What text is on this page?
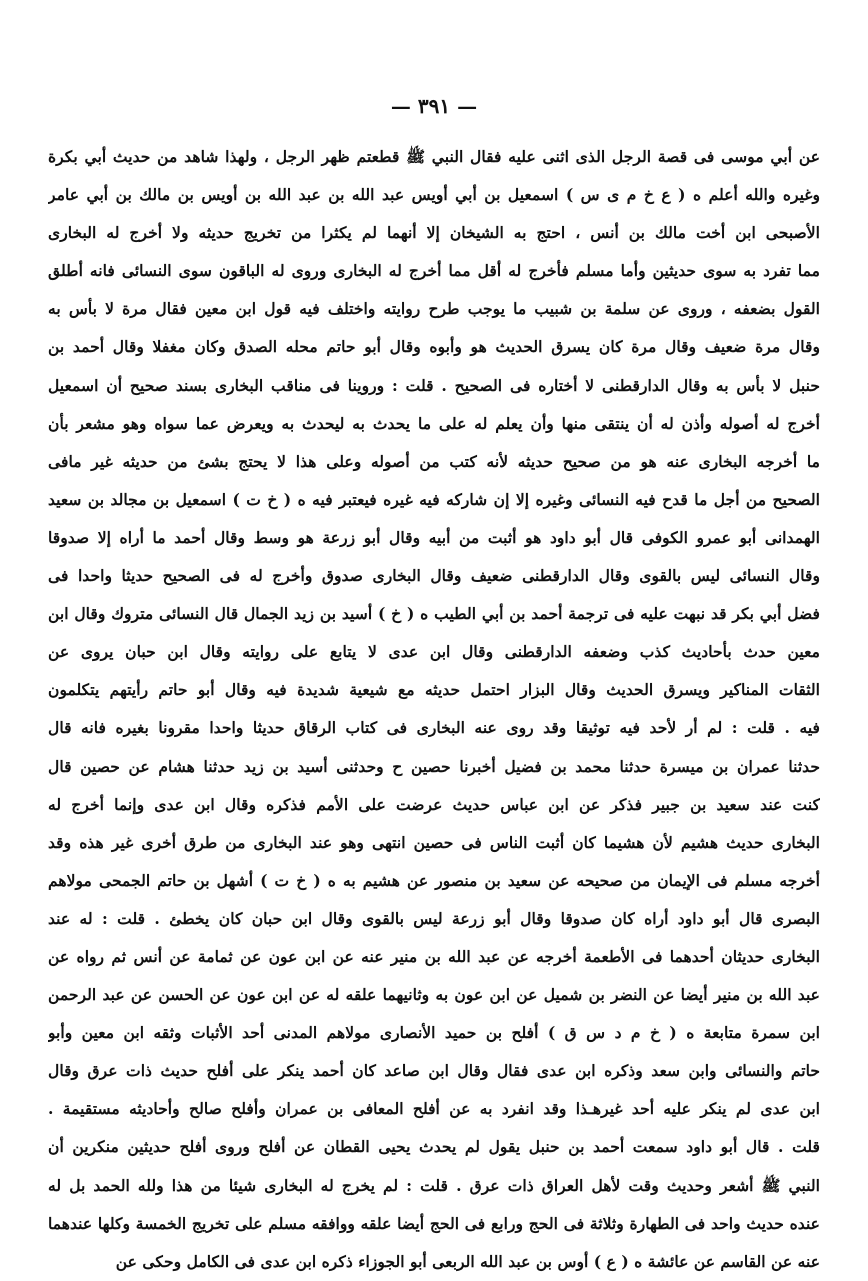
— ٣٩١ —
عن أبي موسى فى قصة الرجل الذى اثنى عليه فقال النبي ﷺ قطعتم ظهر الرجل ، ولهذا شاهد من حديث أبي بكرة
وغيره والله أعلم ه ( ع خ م ى س ) اسمعيل بن أبي أويس عبد الله بن عبد الله بن أويس بن مالك بن أبي عامر
الأصبحى ابن أخت مالك بن أنس ، احتج به الشيخان إلا أنهما لم يكثرا من تخريج حديثه ولا أخرج له البخارى
مما تفرد به سوى حديثين وأما مسلم فأخرج له أقل مما أخرج له البخارى وروى له الباقون سوى النسائى فانه أطلق
القول بضعفه ، وروى عن سلمة بن شبيب ما يوجب طرح روايته واختلف فيه قول ابن معين فقال مرة لا بأس به
وقال مرة ضعيف وقال مرة كان يسرق الحديث هو وأبوه وقال أبو حاتم محله الصدق وكان مغفلا وقال أحمد بن
حنبل لا بأس به وقال الدارقطنى لا أختاره فى الصحيح . قلت : وروينا فى مناقب البخارى بسند صحيح أن اسمعيل
أخرج له أصوله وأذن له أن ينتقى منها وأن يعلم له على ما يحدث به ليحدث به ويعرض عما سواه وهو مشعر بأن
ما أخرجه البخارى عنه هو من صحيح حديثه لأنه كتب من أصوله وعلى هذا لا يحتج بشئ من حديثه غير مافى
الصحيح من أجل ما قدح فيه النسائى وغيره إلا إن شاركه فيه غيره فيعتبر فيه ه ( خ ت ) اسمعيل بن مجالد بن سعيد
الهمدانى أبو عمرو الكوفى قال أبو داود هو أثبت من أبيه وقال أبو زرعة هو وسط وقال أحمد ما أراه إلا صدوقا
وقال النسائى ليس بالقوى وقال الدارقطنى ضعيف وقال البخارى صدوق وأخرج له فى الصحيح حديثا واحدا فى
فضل أبي بكر قد نبهت عليه فى ترجمة أحمد بن أبي الطيب ه ( خ ) أسيد بن زيد الجمال قال النسائى متروك وقال ابن
معين حدث بأحاديث كذب وضعفه الدارقطنى وقال ابن عدى لا يتابع على روايته وقال ابن حبان يروى عن
الثقات المناكير ويسرق الحديث وقال البزار احتمل حديثه مع شيعية شديدة فيه وقال أبو حاتم رأيتهم يتكلمون
فيه . قلت : لم أر لأحد فيه توثيقا وقد روى عنه البخارى فى كتاب الرقاق حديثا واحدا مقرونا بغيره فانه قال
حدثنا عمران بن ميسرة حدثنا محمد بن فضيل أخبرنا حصين ح وحدثنى أسيد بن زيد حدثنا هشام عن حصين قال
كنت عند سعيد بن جبير فذكر عن ابن عباس حديث عرضت على الأمم فذكره وقال ابن عدى وإنما أخرج له
البخارى حديث هشيم لأن هشيما كان أثبت الناس فى حصين انتهى وهو عند البخارى من طرق أخرى غير هذه وقد
أخرجه مسلم فى الإيمان من صحيحه عن سعيد بن منصور عن هشيم به ه ( خ ت ) أشهل بن حاتم الجمحى مولاهم
البصرى قال أبو داود أراه كان صدوقا وقال أبو زرعة ليس بالقوى وقال ابن حبان كان يخطئ . قلت : له عند
البخارى حديثان أحدهما فى الأطعمة أخرجه عن عبد الله بن منير عنه عن ابن عون عن ثمامة عن أنس ثم رواه عن
عبد الله بن منير أيضا عن النضر بن شميل عن ابن عون به وثانيهما علقه له عن ابن عون عن الحسن عن عبد الرحمن
ابن سمرة متابعة ه ( خ م د س ق ) أفلح بن حميد الأنصارى مولاهم المدنى أحد الأثبات وثقه ابن معين وأبو
حاتم والنسائى وابن سعد وذكره ابن عدى فقال وقال ابن صاعد كان أحمد ينكر على أفلح حديث ذات عرق وقال
ابن عدى لم ينكر عليه أحد غيرهـذا وقد انفرد به عن أفلح المعافى بن عمران وأفلح صالح وأحاديثه مستقيمة .
قلت . قال أبو داود سمعت أحمد بن حنبل يقول لم يحدث يحيى القطان عن أفلح وروى أفلح حديثين منكرين أن
النبي ﷺ أشعر وحديث وقت لأهل العراق ذات عرق . قلت : لم يخرج له البخارى شيئا من هذا ولله الحمد بل له
عنده حديث واحد فى الطهارة وثلاثة فى الحج ورابع فى الحج أيضا علقه ووافقه مسلم على تخريج الخمسة وكلها عندهما
عنه عن القاسم عن عائشة ه ( ع ) أوس بن عبد الله الربعى أبو الجوزاء ذكره ابن عدى فى الكامل وحكى عن
